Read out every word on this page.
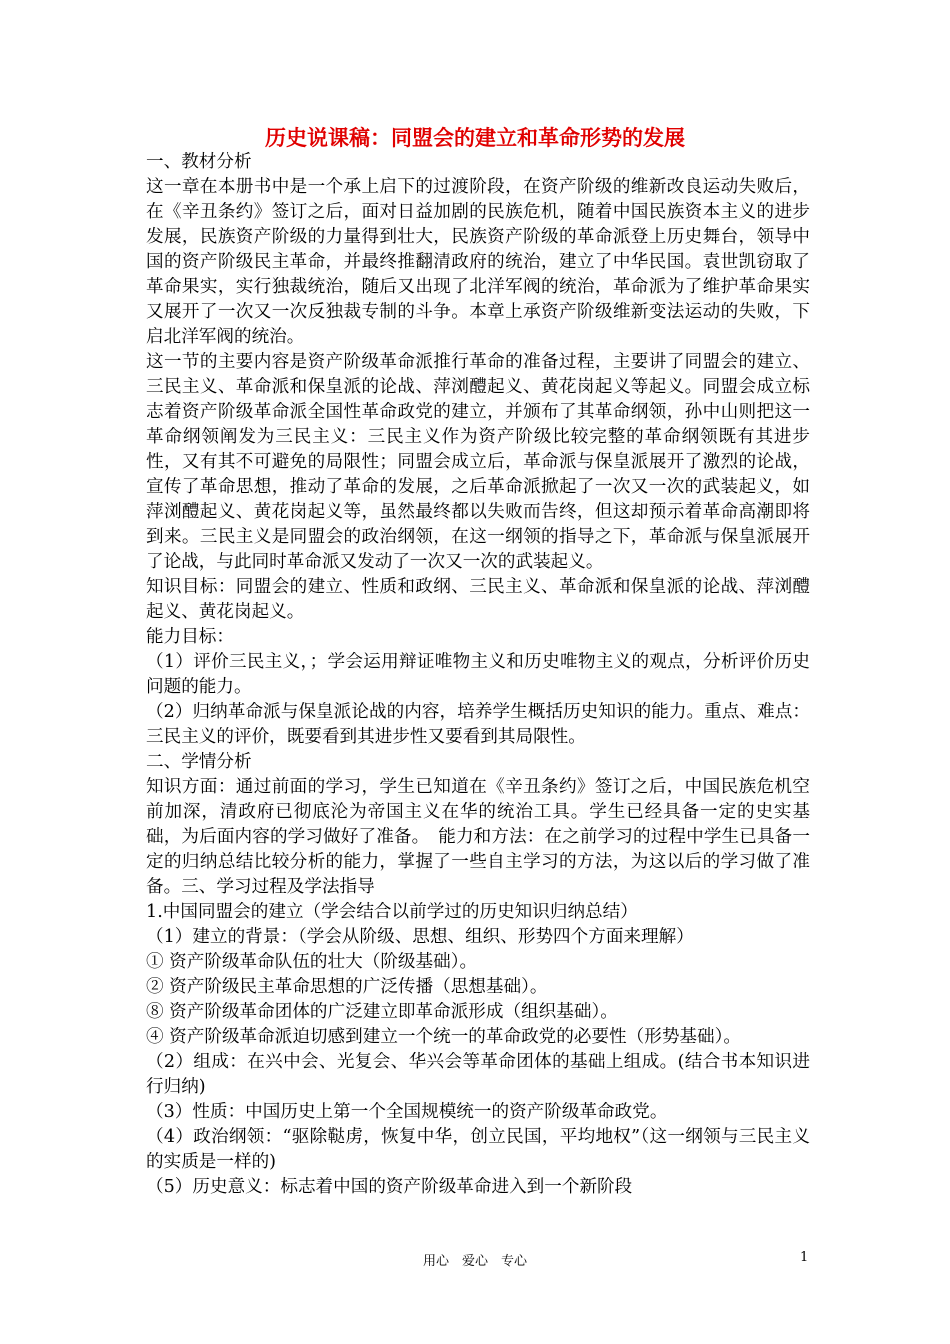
历史说课稿：同盟会的建立和革命形势的发展

一、教材分析

这一章在本册书中是一个承上启下的过渡阶段，在资产阶级的维新改良运动失败后，在《辛丑条约》签订之后，面对日益加剧的民族危机，随着中国民族资本主义的进步发展，民族资产阶级的力量得到壮大，民族资产阶级的革命派登上历史舞台，领导中国的资产阶级民主革命，并最终推翻清政府的统治，建立了中华民国。袁世凯窃取了革命果实，实行独裁统治，随后又出现了北洋军阀的统治，革命派为了维护革命果实又展开了一次又一次反独裁专制的斗争。本章上承资产阶级维新变法运动的失败，下启北洋军阀的统治。

这一节的主要内容是资产阶级革命派推行革命的准备过程，主要讲了同盟会的建立、三民主义、革命派和保皇派的论战、萍浏醴起义、黄花岗起义等起义。同盟会成立标志着资产阶级革命派全国性革命政党的建立，并颁布了其革命纲领，孙中山则把这一革命纲领阐发为三民主义：三民主义作为资产阶级比较完整的革命纲领既有其进步性，又有其不可避免的局限性；同盟会成立后，革命派与保皇派展开了激烈的论战，宣传了革命思想，推动了革命的发展，之后革命派掀起了一次又一次的武装起义，如萍浏醴起义、黄花岗起义等，虽然最终都以失败而告终，但这却预示着革命高潮即将到来。三民主义是同盟会的政治纲领，在这一纲领的指导之下，革命派与保皇派展开了论战，与此同时革命派又发动了一次又一次的武装起义。

知识目标：同盟会的建立、性质和政纲、三民主义、革命派和保皇派的论战、萍浏醴起义、黄花岗起义。

能力目标：

（1）评价三民主义，；学会运用辩证唯物主义和历史唯物主义的观点，分析评价历史问题的能力。

（2）归纳革命派与保皇派论战的内容，培养学生概括历史知识的能力。重点、难点：三民主义的评价，既要看到其进步性又要看到其局限性。

二、学情分析

知识方面：通过前面的学习，学生已知道在《辛丑条约》签订之后，中国民族危机空前加深，清政府已彻底沦为帝国主义在华的统治工具。学生已经具备一定的史实基础，为后面内容的学习做好了准备。　能力和方法：在之前学习的过程中学生已具备一定的归纳总结比较分析的能力，掌握了一些自主学习的方法，为这以后的学习做了准备。三、学习过程及学法指导

1.中国同盟会的建立（学会结合以前学过的历史知识归纳总结）

（1）建立的背景：（学会从阶级、思想、组织、形势四个方面来理解）

① 资产阶级革命队伍的壮大（阶级基础）。

② 资产阶级民主革命思想的广泛传播（思想基础）。

⑧ 资产阶级革命团体的广泛建立即革命派形成（组织基础）。

④ 资产阶级革命派迫切感到建立一个统一的革命政党的必要性（形势基础）。

（2）组成：在兴中会、光复会、华兴会等革命团体的基础上组成。(结合书本知识进行归纳)

（3）性质：中国历史上第一个全国规模统一的资产阶级革命政党。

（4）政治纲领：“驱除鞑虏，恢复中华，创立民国，平均地权”（这一纲领与三民主义的实质是一样的)

（5）历史意义：标志着中国的资产阶级革命进入到一个新阶段

用心　爱心　专心	1
